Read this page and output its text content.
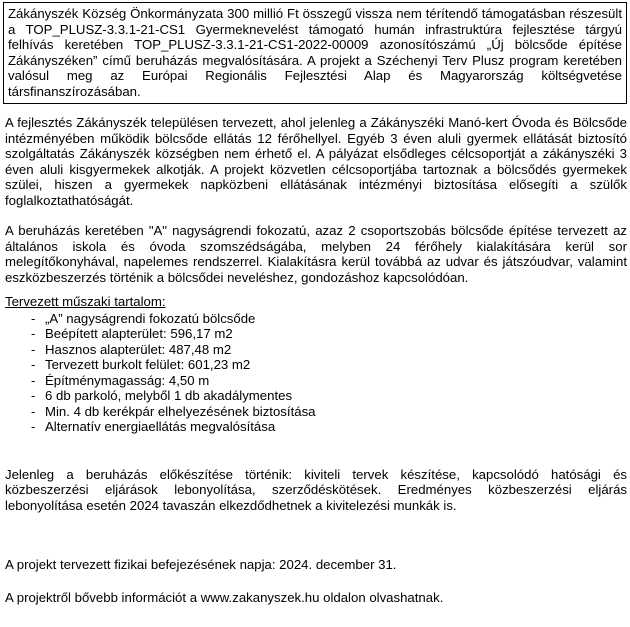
Zákányszék Község Önkormányzata 300 millió Ft összegű vissza nem térítendő támogatásban részesült a TOP_PLUSZ-3.3.1-21-CS1 Gyermeknevelést támogató humán infrastruktúra fejlesztése tárgyú felhívás keretében TOP_PLUSZ-3.3.1-21-CS1-2022-00009 azonosítószámú „Új bölcsőde építése Zákányszéken” című beruházás megvalósítására. A projekt a Széchenyi Terv Plusz program keretében valósul meg az Európai Regionális Fejlesztési Alap és Magyarország költségvetése társfinanszírozásában.

A fejlesztés Zákányszék településen tervezett, ahol jelenleg a Zákányszéki Manó-kert Óvoda és Bölcsőde intézményében működik bölcsőde ellátás 12 férőhellyel. Egyéb 3 éven aluli gyermek ellátását biztosító szolgáltatás Zákányszék községben nem érhető el. A pályázat elsődleges célcsoportját a zákányszéki 3 éven aluli kisgyermekek alkotják. A projekt közvetlen célcsoportjába tartoznak a bölcsődés gyermekek szülei, hiszen a gyermekek napközbeni ellátásának intézményi biztosítása elősegíti a szülők foglalkoztathatóságát.

A beruházás keretében "A" nagyságrendi fokozatú, azaz 2 csoportszobás bölcsőde építése tervezett az általános iskola és óvoda szomszédságába, melyben 24 férőhely kialakítására kerül sor melegítőkonyhával, napelemes rendszerrel. Kialakításra kerül továbbá az udvar és játszóudvar, valamint eszközbeszerzés történik a bölcsődei neveléshez, gondozáshoz kapcsolódóan.

Tervezett műszaki tartalom:
- „A” nagyságrendi fokozatú bölcsőde
- Beépített alapterület: 596,17 m2
- Hasznos alapterület: 487,48 m2
- Tervezett burkolt felület: 601,23 m2
- Építménymagasság: 4,50 m
- 6 db parkoló, melyből 1 db akadálymentes
- Min. 4 db kerékpár elhelyezésének biztosítása
- Alternatív energiaellátás megvalósítása

Jelenleg a beruházás előkészítése történik: kiviteli tervek készítése, kapcsolódó hatósági és közbeszerzési eljárások lebonyolítása, szerződéskötések. Eredményes közbeszerzési eljárás lebonyolítása esetén 2024 tavaszán elkezdődhetnek a kivitelezési munkák is.

A projekt tervezett fizikai befejezésének napja: 2024. december 31.

A projektről bővebb információt a www.zakanyszek.hu oldalon olvashatnak.
